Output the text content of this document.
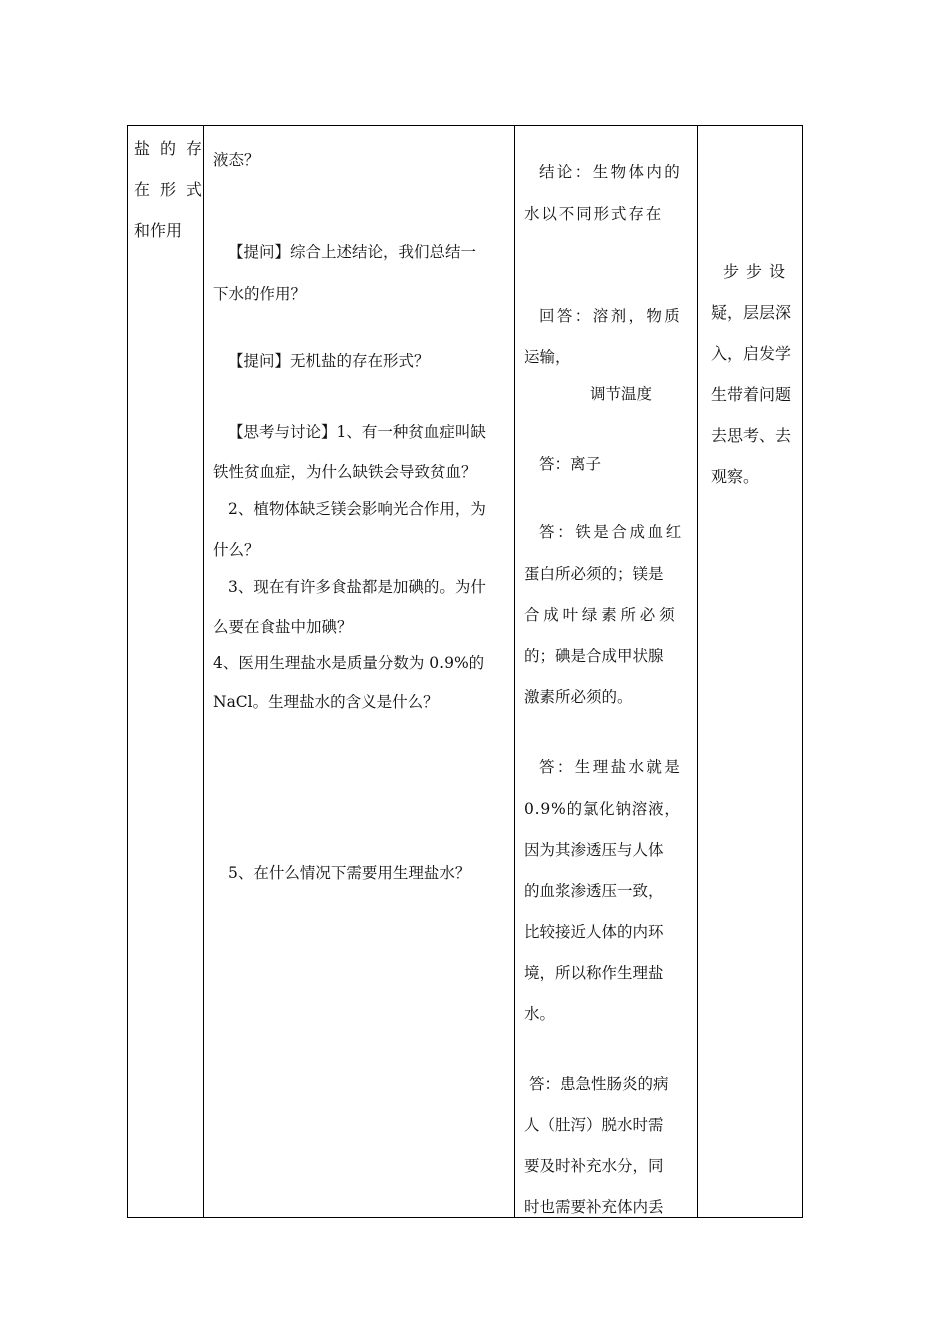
盐的存
在形式
和作用
液态？
【提问】综合上述结论，我们总结一
下水的作用？
【提问】无机盐的存在形式？
【思考与讨论】1、有一种贫血症叫缺
铁性贫血症，为什么缺铁会导致贫血？
2、植物体缺乏镁会影响光合作用，为
什么？
3、现在有许多食盐都是加碘的。为什
么要在食盐中加碘？
4、医用生理盐水是质量分数为 0.9%的
NaCl。生理盐水的含义是什么？
5、在什么情况下需要用生理盐水？
结论：生物体内的
水以不同形式存在
回答：溶剂，物质
运输，
调节温度
答：离子
答：铁是合成血红
蛋白所必须的；镁是
合成叶绿素所必须
的；碘是合成甲状腺
激素所必须的。
答：生理盐水就是
0.9%的氯化钠溶液，
因为其渗透压与人体
的血浆渗透压一致，
比较接近人体的内环
境，所以称作生理盐
水。
答：患急性肠炎的病
人（肚泻）脱水时需
要及时补充水分，同
时也需要补充体内丢
步步设
疑，层层深
入，启发学
生带着问题
去思考、去
观察。
